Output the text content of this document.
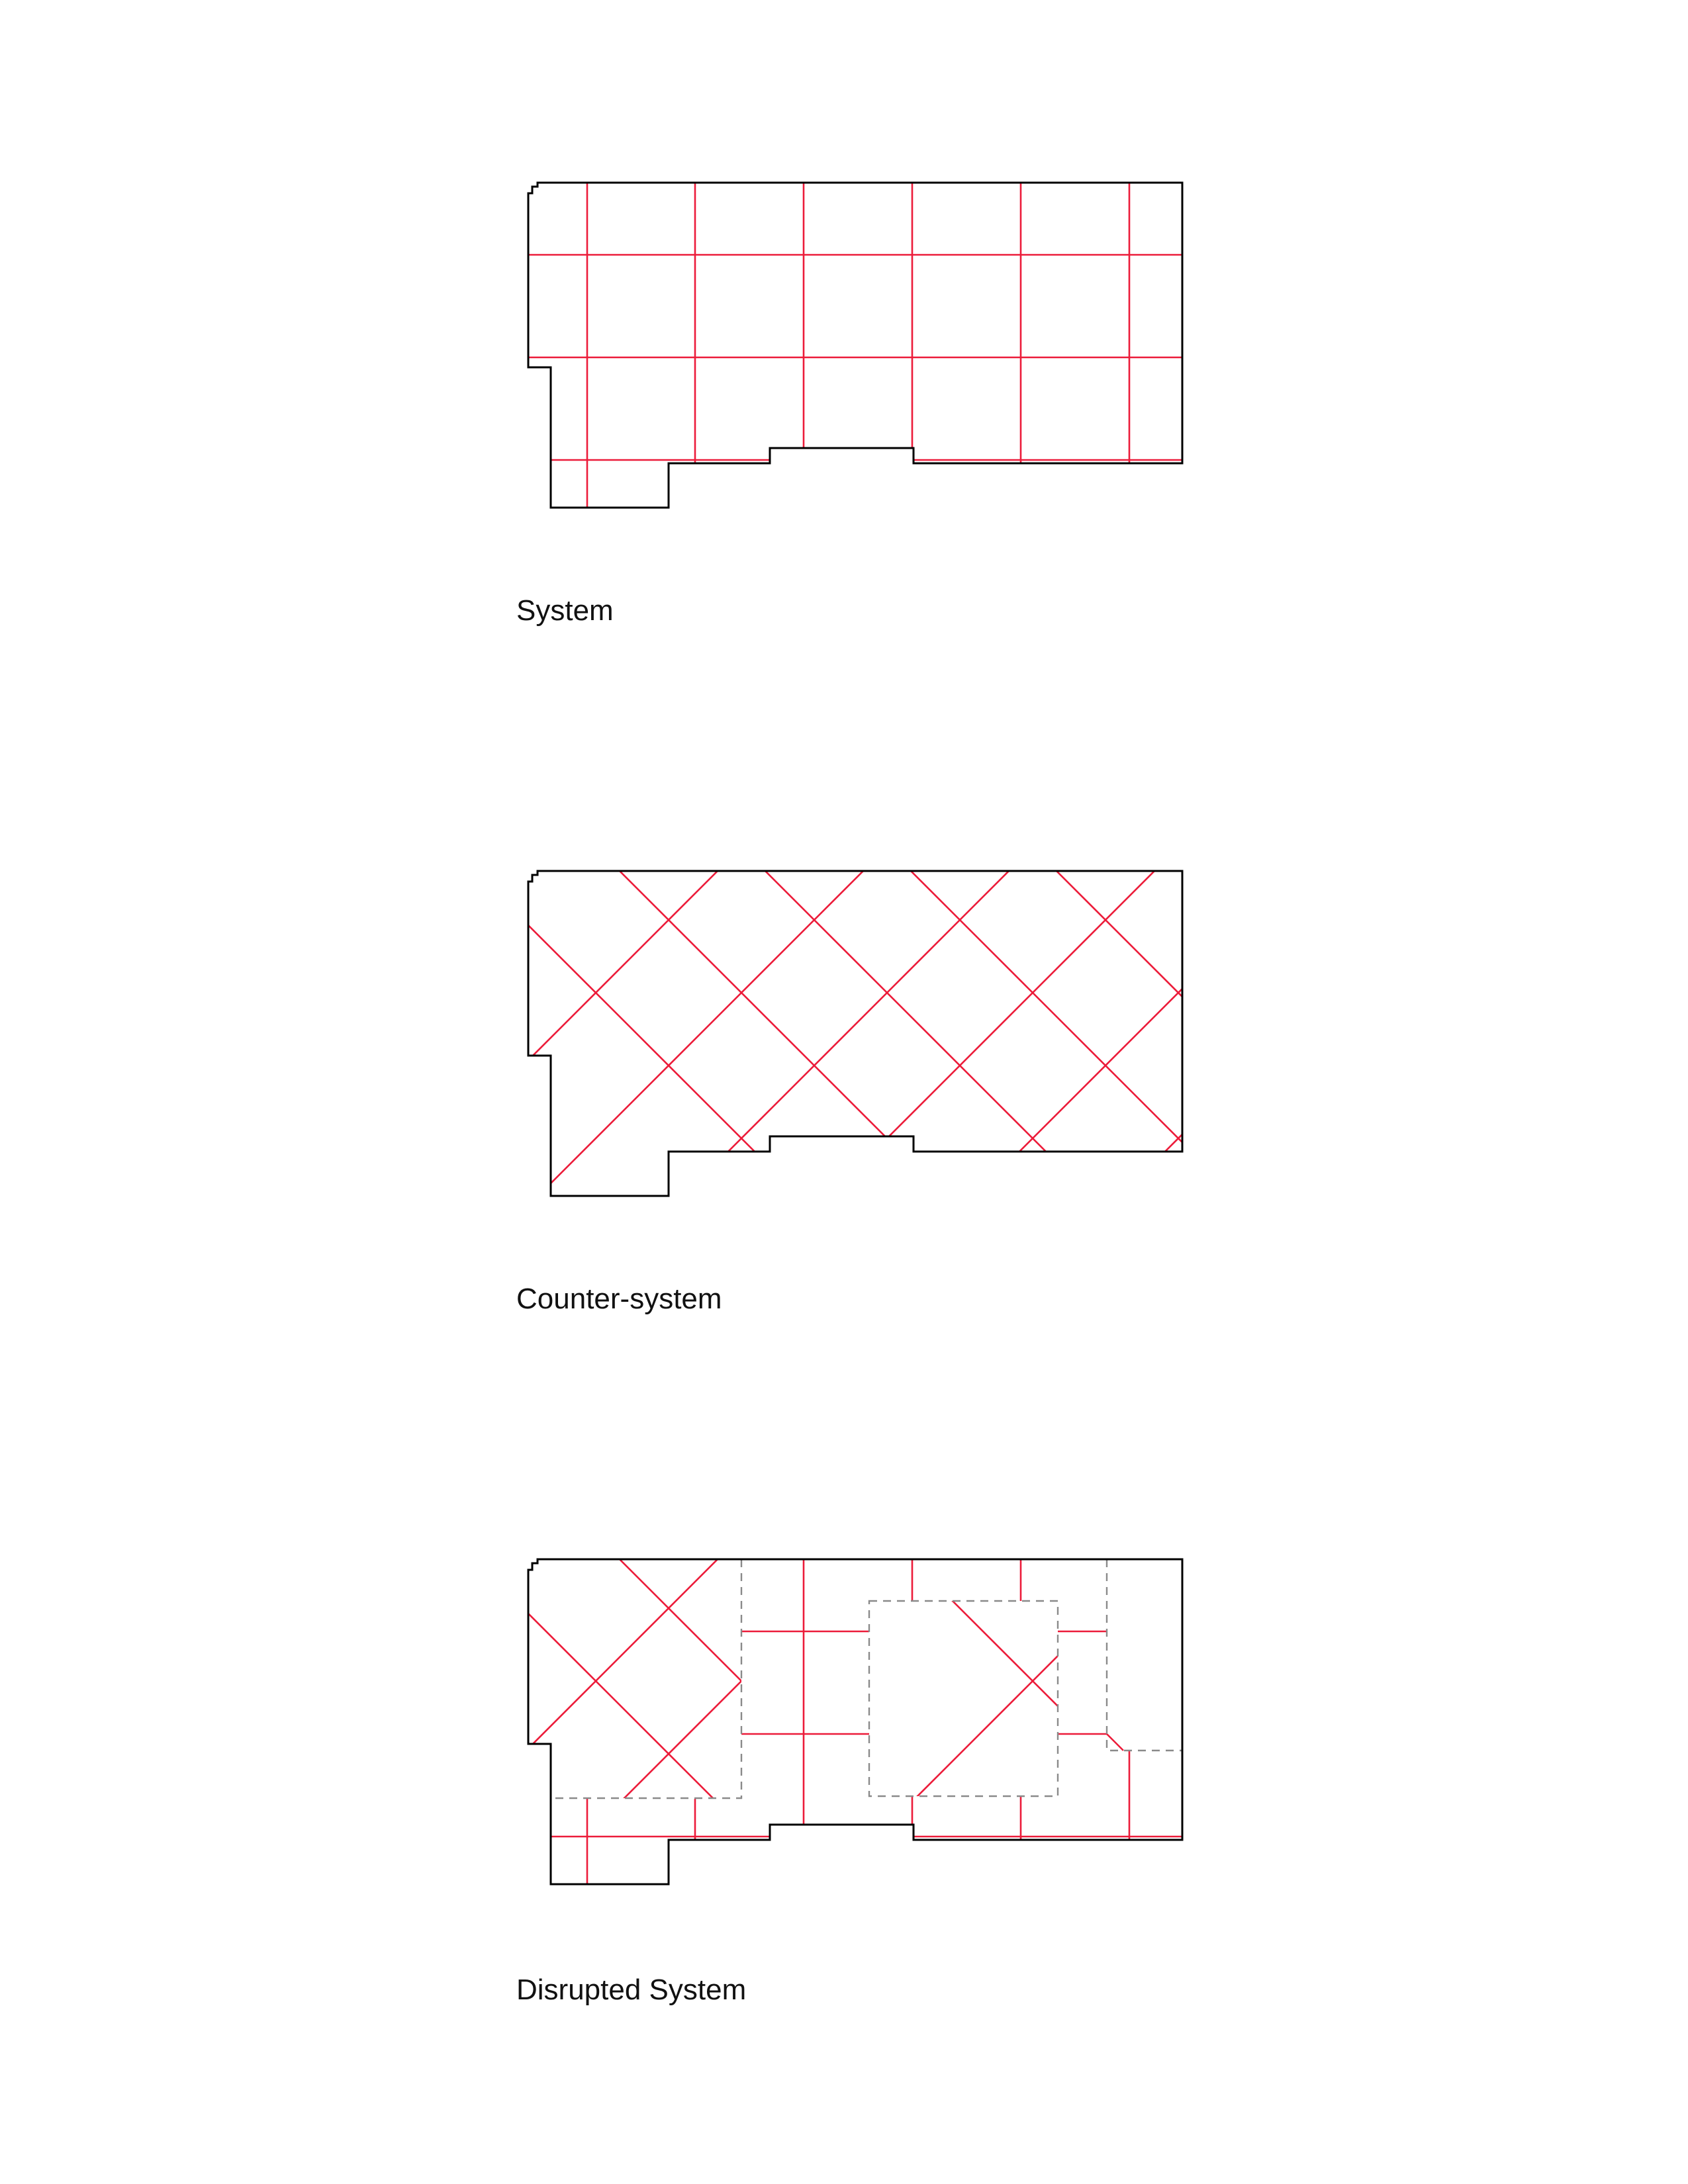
System
Counter-system
Disrupted System
